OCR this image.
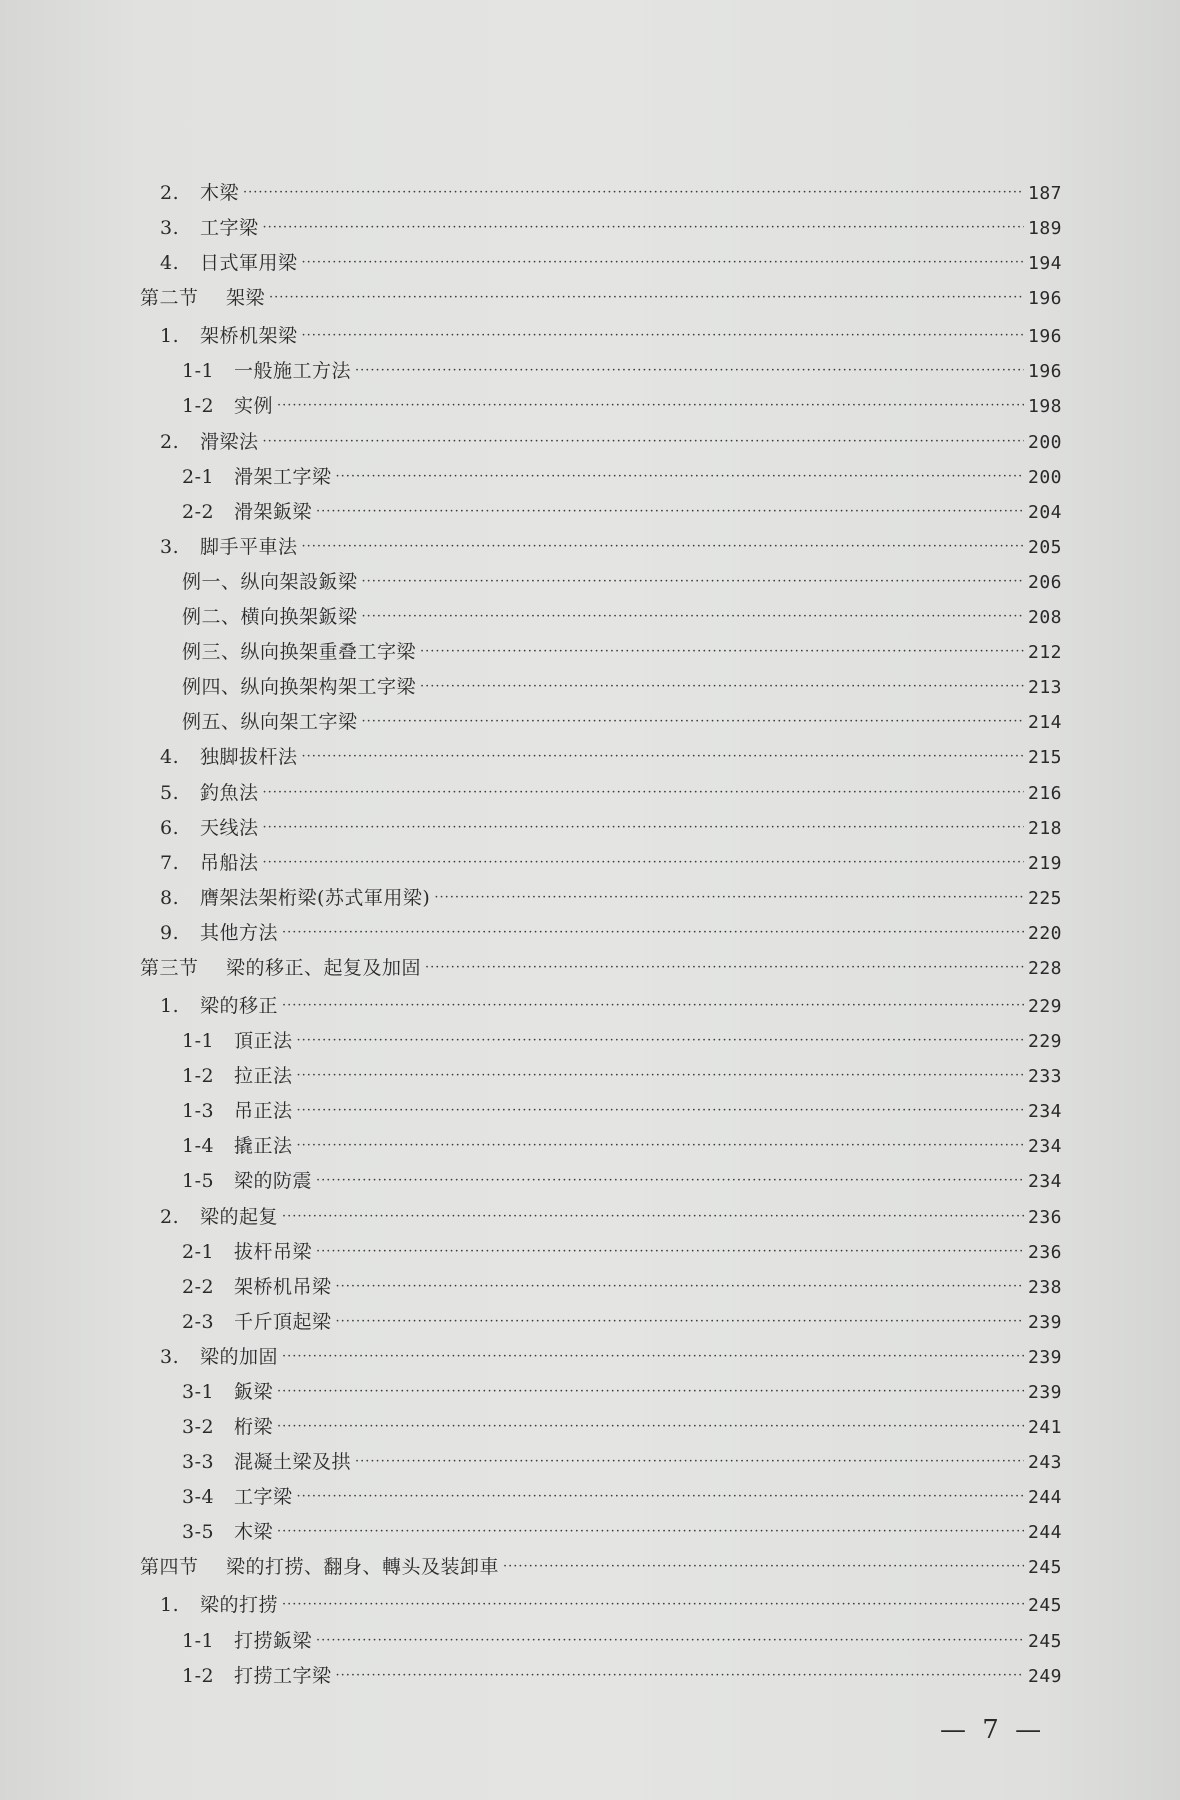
2.	木梁 ·····	187
3.	工字梁 ·····	189
4.	日式軍用梁 ·····	194
第二节	架梁 ·····	196
1.	架桥机架梁 ·····	196
1-1	一般施工方法 ·····	196
1-2	实例 ·····	198
2.	滑梁法 ·····	200
2-1	滑架工字梁 ·····	200
2-2	滑架鈑梁 ·····	204
3.	脚手平車法 ·····	205
例一、纵向架設鈑梁 ·····	206
例二、横向换架鈑梁 ·····	208
例三、纵向换架重叠工字梁 ·····	212
例四、纵向换架构架工字梁 ·····	213
例五、纵向架工字梁 ·····	214
4.	独脚拔杆法 ·····	215
5.	釣魚法 ·····	216
6.	天线法 ·····	218
7.	吊船法 ·····	219
8.	膺架法架桁梁(苏式軍用梁) ·····	225
9.	其他方法 ·····	220
第三节	梁的移正、起复及加固 ·····	228
1.	梁的移正 ·····	229
1-1	頂正法 ·····	229
1-2	拉正法 ·····	233
1-3	吊正法 ·····	234
1-4	撬正法 ·····	234
1-5	梁的防震 ·····	234
2.	梁的起复 ·····	236
2-1	拔杆吊梁 ·····	236
2-2	架桥机吊梁 ·····	238
2-3	千斤頂起梁 ·····	239
3.	梁的加固 ·····	239
3-1	鈑梁 ·····	239
3-2	桁梁 ·····	241
3-3	混凝土梁及拱 ·····	243
3-4	工字梁 ·····	244
3-5	木梁 ·····	244
第四节	梁的打捞、翻身、轉头及装卸車 ·····	245
1.	梁的打捞 ·····	245
1-1	打捞鈑梁 ·····	245
1-2	打捞工字梁 ·····	249
— 7 —
